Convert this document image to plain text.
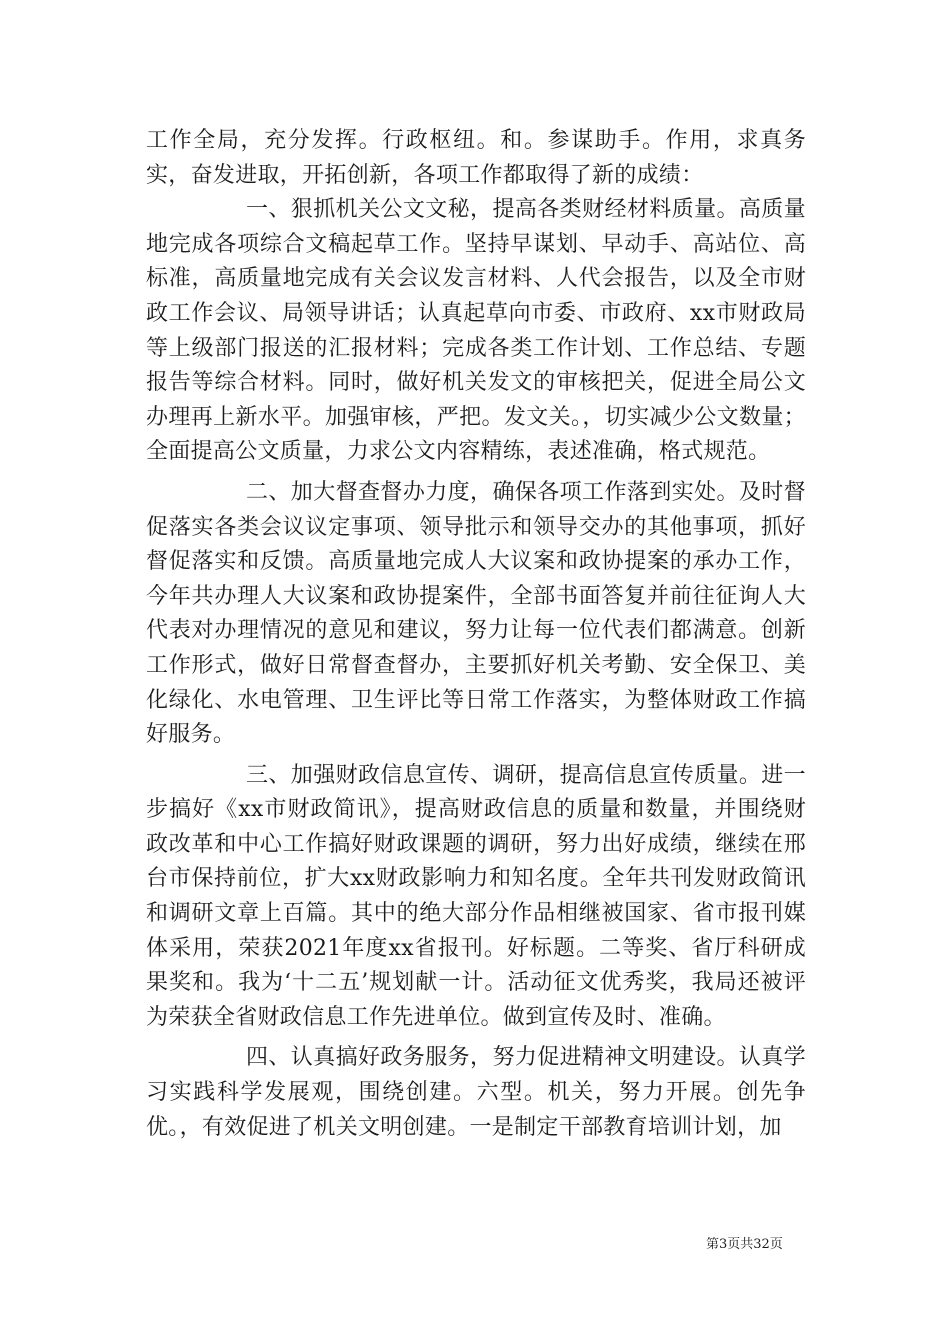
工作全局，充分发挥。行政枢纽。和。参谋助手。作用，求真务实，奋发进取，开拓创新，各项工作都取得了新的成绩：

一、狠抓机关公文文秘，提高各类财经材料质量。高质量地完成各项综合文稿起草工作。坚持早谋划、早动手、高站位、高标准，高质量地完成有关会议发言材料、人代会报告，以及全市财政工作会议、局领导讲话；认真起草向市委、市政府、xx市财政局等上级部门报送的汇报材料；完成各类工作计划、工作总结、专题报告等综合材料。同时，做好机关发文的审核把关，促进全局公文办理再上新水平。加强审核，严把。发文关。，切实减少公文数量；全面提高公文质量，力求公文内容精练，表述准确，格式规范。

二、加大督查督办力度，确保各项工作落到实处。及时督促落实各类会议议定事项、领导批示和领导交办的其他事项，抓好督促落实和反馈。高质量地完成人大议案和政协提案的承办工作，今年共办理人大议案和政协提案件，全部书面答复并前往征询人大代表对办理情况的意见和建议，努力让每一位代表们都满意。创新工作形式，做好日常督查督办，主要抓好机关考勤、安全保卫、美化绿化、水电管理、卫生评比等日常工作落实，为整体财政工作搞好服务。

三、加强财政信息宣传、调研，提高信息宣传质量。进一步搞好《xx市财政简讯》，提高财政信息的质量和数量，并围绕财政改革和中心工作搞好财政课题的调研，努力出好成绩，继续在邢台市保持前位，扩大xx财政影响力和知名度。全年共刊发财政简讯和调研文章上百篇。其中的绝大部分作品相继被国家、省市报刊媒体采用，荣获2021年度xx省报刊。好标题。二等奖、省厅科研成果奖和。我为‘十二五’规划献一计。活动征文优秀奖，我局还被评为荣获全省财政信息工作先进单位。做到宣传及时、准确。

四、认真搞好政务服务，努力促进精神文明建设。认真学习实践科学发展观，围绕创建。六型。机关，努力开展。创先争优。，有效促进了机关文明创建。一是制定干部教育培训计划，加

第3页共32页
